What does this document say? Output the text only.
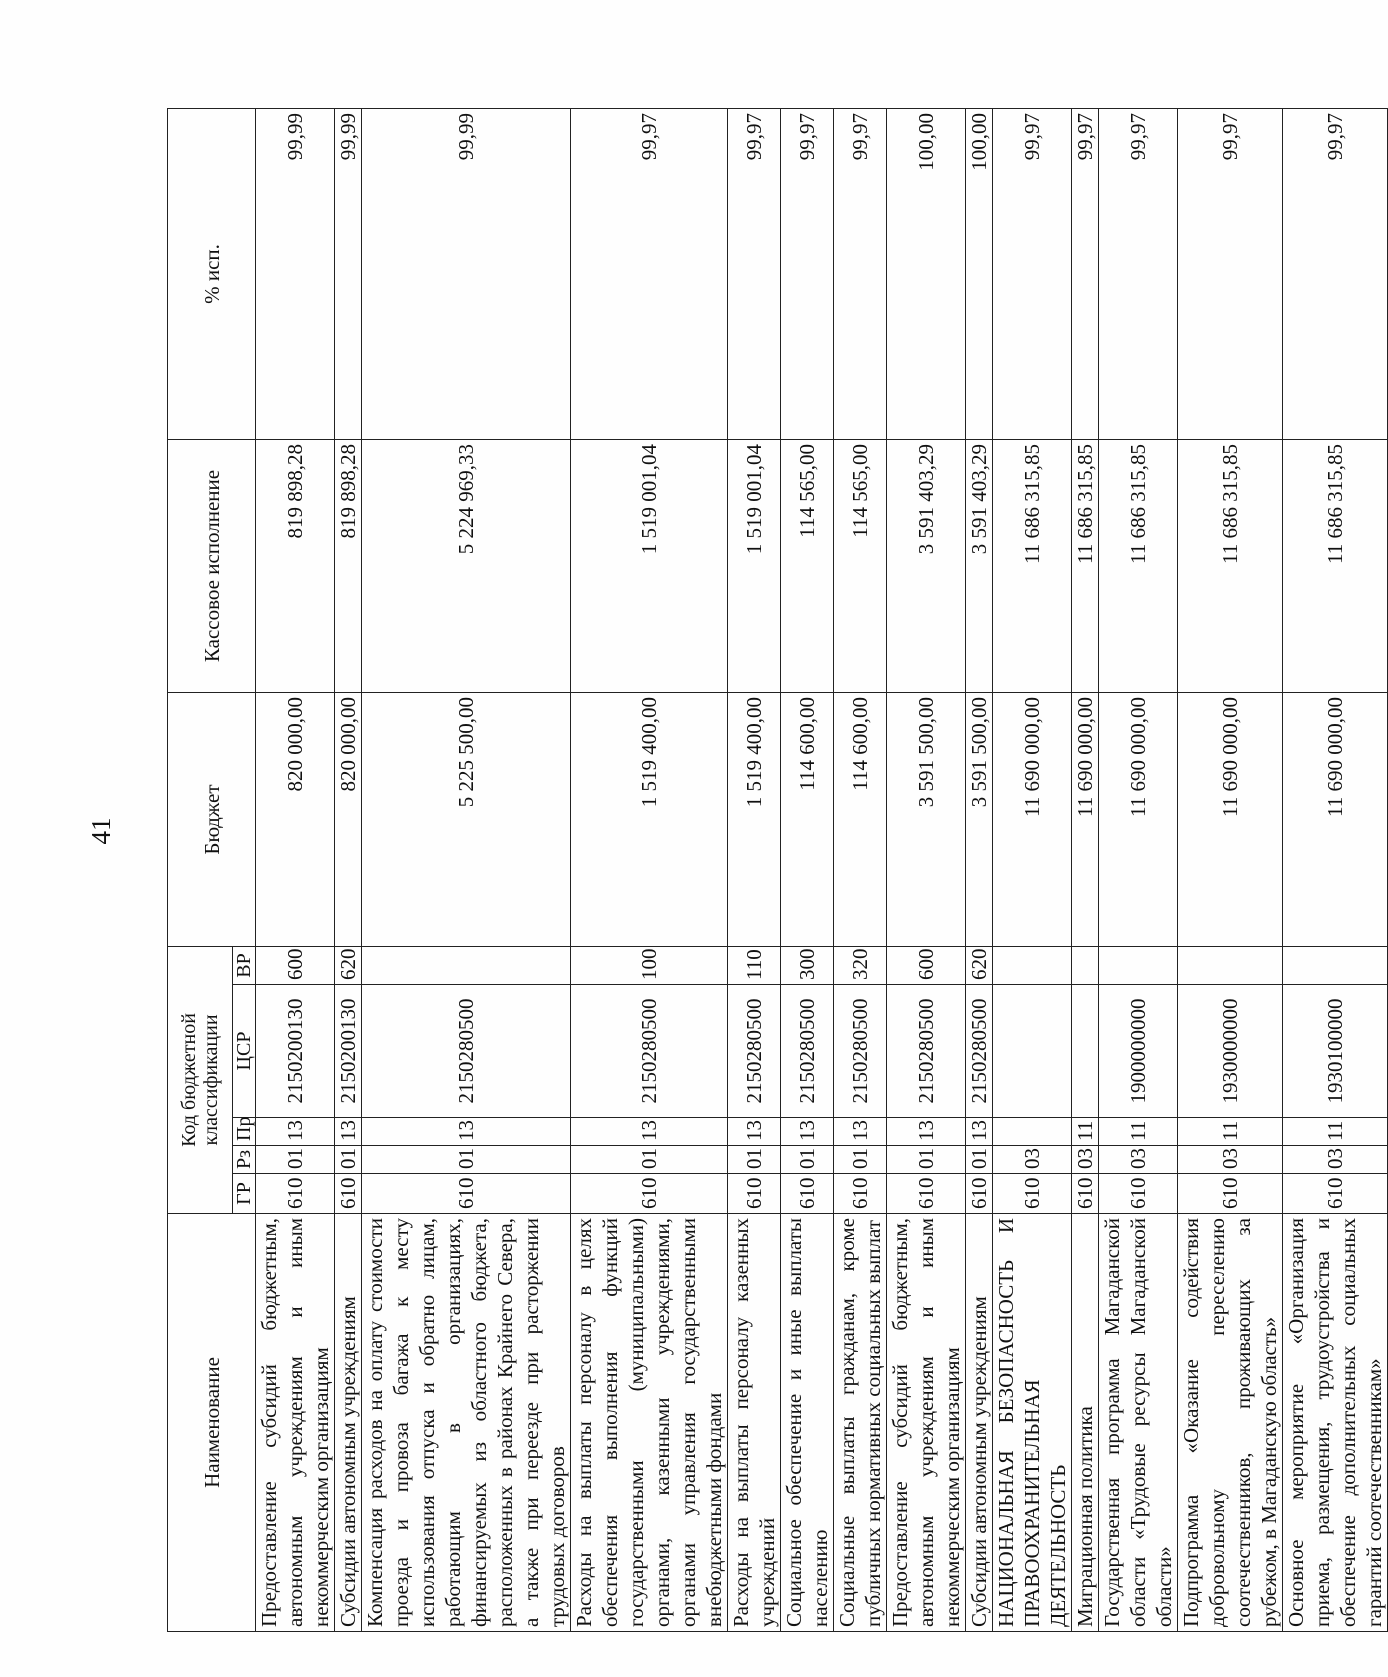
41
Наименование	Код бюджетной классификации					Бюджет	Кассовое исполнение	% исп.
	ГР	Рз	Пр	ЦСР	ВР			
Предоставление субсидий бюджетным, автономным учреждениям и иным некоммерческим организациям	610	01	13	2150200130	600	820 000,00	819 898,28	99,99
Субсидии автономным учреждениям	610	01	13	2150200130	620	820 000,00	819 898,28	99,99
Компенсация расходов на оплату стоимости проезда и провоза багажа к месту использования отпуска и обратно лицам, работающим в организациях, финансируемых из областного бюджета, расположенных в районах Крайнего Севера, а также при переезде при расторжении трудовых договоров	610	01	13	2150280500		5 225 500,00	5 224 969,33	99,99
Расходы на выплаты персоналу в целях обеспечения выполнения функций государственными (муниципальными) органами, казенными учреждениями, органами управления государственными внебюджетными фондами	610	01	13	2150280500	100	1 519 400,00	1 519 001,04	99,97
Расходы на выплаты персоналу казенных учреждений	610	01	13	2150280500	110	1 519 400,00	1 519 001,04	99,97
Социальное обеспечение и иные выплаты населению	610	01	13	2150280500	300	114 600,00	114 565,00	99,97
Социальные выплаты гражданам, кроме публичных нормативных социальных выплат	610	01	13	2150280500	320	114 600,00	114 565,00	99,97
Предоставление субсидий бюджетным, автономным учреждениям и иным некоммерческим организациям	610	01	13	2150280500	600	3 591 500,00	3 591 403,29	100,00
Субсидии автономным учреждениям	610	01	13	2150280500	620	3 591 500,00	3 591 403,29	100,00
НАЦИОНАЛЬНАЯ БЕЗОПАСНОСТЬ И ПРАВООХРАНИТЕЛЬНАЯ ДЕЯТЕЛЬНОСТЬ	610	03				11 690 000,00	11 686 315,85	99,97
Миграционная политика	610	03	11			11 690 000,00	11 686 315,85	99,97
Государственная программа Магаданской области «Трудовые ресурсы Магаданской области»	610	03	11	1900000000		11 690 000,00	11 686 315,85	99,97
Подпрограмма «Оказание содействия добровольному переселению соотечественников, проживающих за рубежом, в Магаданскую область»	610	03	11	1930000000		11 690 000,00	11 686 315,85	99,97
Основное мероприятие «Организация приема, размещения, трудоустройства и обеспечение дополнительных социальных гарантий соотечественникам»	610	03	11	1930100000		11 690 000,00	11 686 315,85	99,97
